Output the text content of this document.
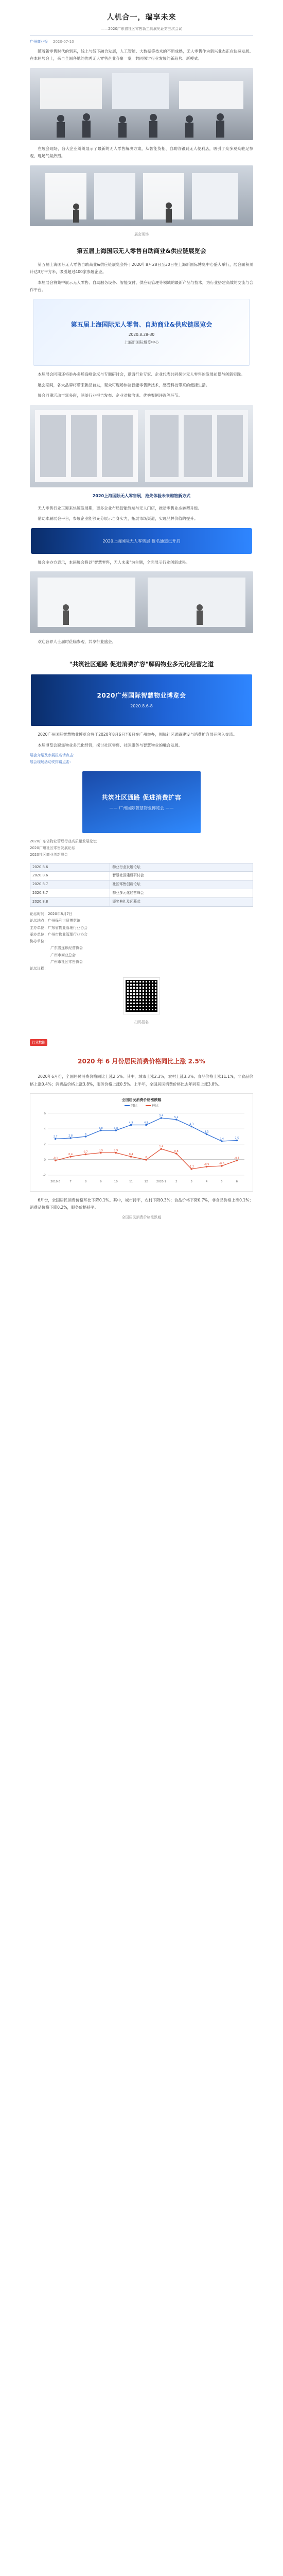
人机合一，瑞享未来
——2020广东省社区零售新工具展见证第三次会议
广州商业报 2020-07-10

随着新零售时代的到来，线上与线下融合发展，人工智能、大数据等技术的不断成熟，无人零售作为新兴业态正在快速发展。在本届展会上，来自全国各地的优秀无人零售企业齐聚一堂，共同探讨行业发展的新趋势、新模式。

在展会现场，各大企业纷纷展示了最新的无人零售解决方案，从智能货柜、自助收银到无人便利店，吸引了众多观众驻足参观，现场气氛热烈。

展会现场
第五届上海国际无人零售自助商业&供应链展览会

第五届上海国际无人零售自助商业&供应链展览会将于2020年8月28日至30日在上海新国际博览中心盛大举行，展会面积预计达3万平方米，吸引超过400家参展企业。

本届展会将集中展示无人零售、自助服务设备、智能支付、供应链管理等领域的最新产品与技术，为行业搭建高效的交流与合作平台。

第五届上海国际无人零售、自助商业&供应链展览会
2020.8.28-30
上海新国际博览中心

本届展会同期还将举办多场高峰论坛与专题研讨会，邀请行业专家、企业代表共同探讨无人零售的发展前景与创新实践。

展会期间，各大品牌将带来新品首发，观众可现场体验智能零售新技术，感受科技带来的便捷生活。

展会同期活动丰富多彩，涵盖行业报告发布、企业对接洽谈、优秀案例评选等环节。

2020上海国际无人零售展，抢先体验未来购物新方式

无人零售行业正迎来快速发展期，更多企业布局智能终端与无人门店，推动零售业态转型升级。

借助本届展会平台，参展企业能够充分展示自身实力，拓展市场渠道，实现品牌价值的提升。

2020上海国际无人零售展 报名通道已开启

展会主办方表示，本届展会将以"智慧零售，无人未来"为主题，全面展示行业创新成果。

欢迎各界人士届时莅临参观，共享行业盛会。

"共筑社区通路 促进消费扩容"解码物业多元化经营之道
2020广州国际智慧物业博览会
2020.8.6-8

2020广州国际智慧物业博览会将于2020年8月6日至8日在广州举办，围绕社区通路建设与消费扩容展开深入交流。

本届博览会聚焦物业多元化经营，探讨社区零售、社区服务与智慧物业的融合发展。

展会介绍及参展报名请点击：
展会现场活动安排请点击：
共筑社区通路 促进消费扩容
—— 广州国际智慧物业博览会 ——
2020广东省物业管理行业高质量发展论坛
2020广州社区零售发展论坛
2020社区商业创新峰会
2020.8.6	物业行业发展论坛
2020.8.6	智慧社区建设研讨会
2020.8.7	社区零售创新论坛
2020.8.7	物业多元化经营峰会
2020.8.8	颁奖典礼及闭幕式
论坛时间：2020年8月7日
论坛地点：广州保利世贸博览馆
主办单位：广东省物业管理行业协会
承办单位：广州市物业管理行业协会
协办单位：
广东省连锁经营协会
广州市商业总会
广州市社区零售协会
论坛议程：
扫码报名
行业数据
2020 年 6 月份居民消费价格同比上涨 2.5%

2020年6月份，全国居民消费价格同比上涨2.5%。其中，城市上涨2.3%，农村上涨3.3%；食品价格上涨11.1%，非食品价格上涨0.4%；消费品价格上涨3.8%，服务价格上涨0.5%。上半年，全国居民消费价格比去年同期上涨3.8%。

全国居民消费价格涨跌幅
同比	环比
-2
0
2
4
6
2019.6	7	8	9	10	11	12	2020.1	2	3	4	5	6
2.7	2.8	3
3.8	3.8
4.5	4.5
5.4	5.2
4.3
3.3
2.4	2.5
-0.1
0.4
0.7	0.9	0.9
0.4
0
1.4
0.8
-1.2
-0.9	-0.8
-0.1

6月份，全国居民消费价格环比下降0.1%。其中，城市持平，农村下降0.3%；食品价格下降0.7%，非食品价格上涨0.1%；消费品价格下降0.2%，服务价格持平。

全国居民消费价格涨跌幅
